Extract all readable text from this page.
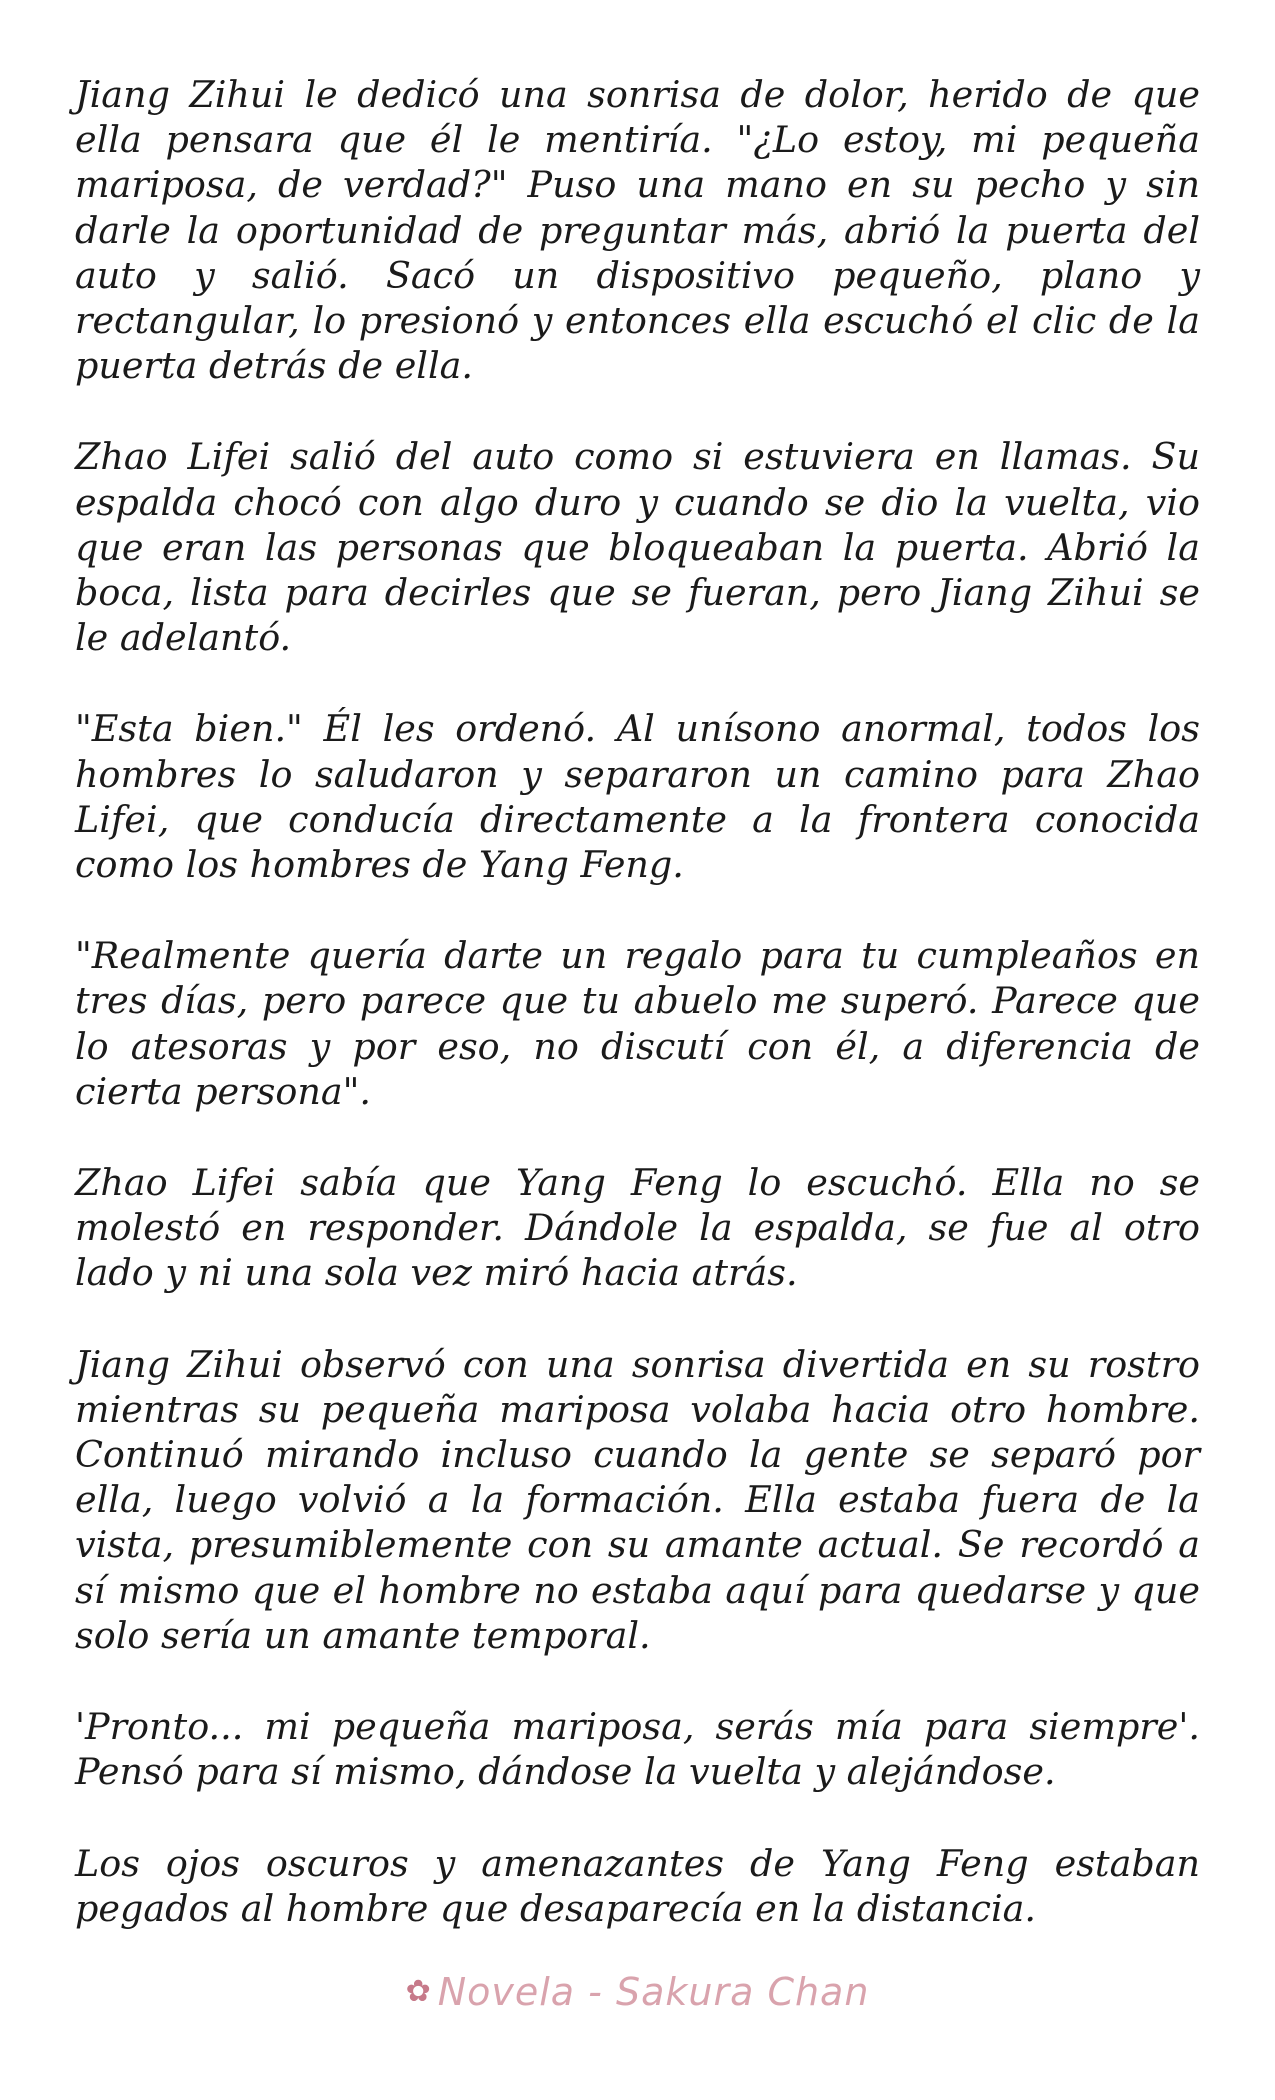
Jiang Zihui le dedicó una sonrisa de dolor, herido de que ella pensara que él le mentiría. "¿Lo estoy, mi pequeña mariposa, de verdad?" Puso una mano en su pecho y sin darle la oportunidad de preguntar más, abrió la puerta del auto y salió. Sacó un dispositivo pequeño, plano y rectangular, lo presionó y entonces ella escuchó el clic de la puerta detrás de ella.

Zhao Lifei salió del auto como si estuviera en llamas. Su espalda chocó con algo duro y cuando se dio la vuelta, vio que eran las personas que bloqueaban la puerta. Abrió la boca, lista para decirles que se fueran, pero Jiang Zihui se le adelantó.

"Esta bien." Él les ordenó. Al unísono anormal, todos los hombres lo saludaron y separaron un camino para Zhao Lifei, que conducía directamente a la frontera conocida como los hombres de Yang Feng.

"Realmente quería darte un regalo para tu cumpleaños en tres días, pero parece que tu abuelo me superó. Parece que lo atesoras y por eso, no discutí con él, a diferencia de cierta persona".

Zhao Lifei sabía que Yang Feng lo escuchó. Ella no se molestó en responder. Dándole la espalda, se fue al otro lado y ni una sola vez miró hacia atrás.

Jiang Zihui observó con una sonrisa divertida en su rostro mientras su pequeña mariposa volaba hacia otro hombre. Continuó mirando incluso cuando la gente se separó por ella, luego volvió a la formación. Ella estaba fuera de la vista, presumiblemente con su amante actual. Se recordó a sí mismo que el hombre no estaba aquí para quedarse y que solo sería un amante temporal.

'Pronto... mi pequeña mariposa, serás mía para siempre'. Pensó para sí mismo, dándose la vuelta y alejándose.

Los ojos oscuros y amenazantes de Yang Feng estaban pegados al hombre que desaparecía en la distancia.

✿ Novela - Sakura Chan
